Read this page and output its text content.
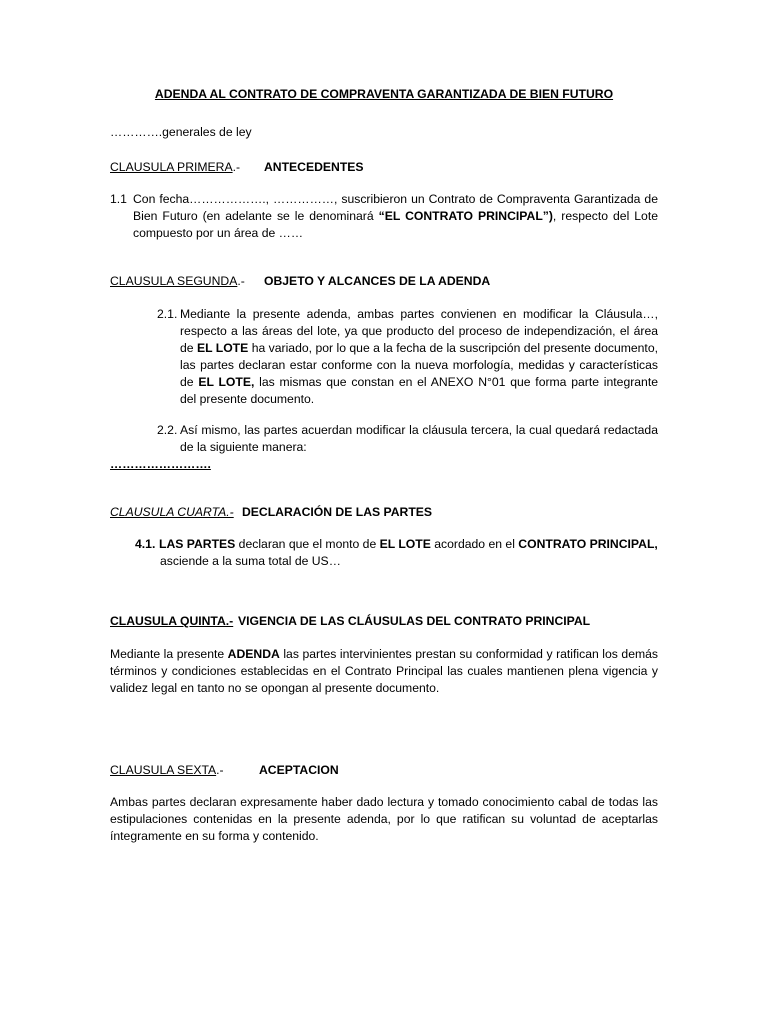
ADENDA AL CONTRATO DE COMPRAVENTA GARANTIZADA DE BIEN FUTURO
………….generales de ley
CLAUSULA PRIMERA.- ANTECEDENTES
1.1 Con fecha………………., ……………, suscribieron un Contrato de Compraventa Garantizada de Bien Futuro (en adelante se le denominará “EL CONTRATO PRINCIPAL”), respecto del Lote compuesto por un área de ……
CLAUSULA SEGUNDA.- OBJETO Y ALCANCES DE LA ADENDA
2.1. Mediante la presente adenda, ambas partes convienen en modificar la Cláusula…, respecto a las áreas del lote, ya que producto del proceso de independización, el área de EL LOTE ha variado, por lo que a la fecha de la suscripción del presente documento, las partes declaran estar conforme con la nueva morfología, medidas y características de EL LOTE, las mismas que constan en el ANEXO N°01 que forma parte integrante del presente documento.
2.2. Así mismo, las partes acuerdan modificar la cláusula tercera, la cual quedará redactada de la siguiente manera:
…………………….
CLAUSULA CUARTA.- DECLARACIÓN DE LAS PARTES
4.1. LAS PARTES declaran que el monto de EL LOTE acordado en el CONTRATO PRINCIPAL,
asciende a la suma total de US…
CLAUSULA QUINTA.- VIGENCIA DE LAS CLÁUSULAS DEL CONTRATO PRINCIPAL
Mediante la presente ADENDA las partes intervinientes prestan su conformidad y ratifican los demás términos y condiciones establecidas en el Contrato Principal las cuales mantienen plena vigencia y validez legal en tanto no se opongan al presente documento.
CLAUSULA SEXTA.-	ACEPTACION
Ambas partes declaran expresamente haber dado lectura y tomado conocimiento cabal de todas las estipulaciones contenidas en la presente adenda, por lo que ratifican su voluntad de aceptarlas íntegramente en su forma y contenido.
